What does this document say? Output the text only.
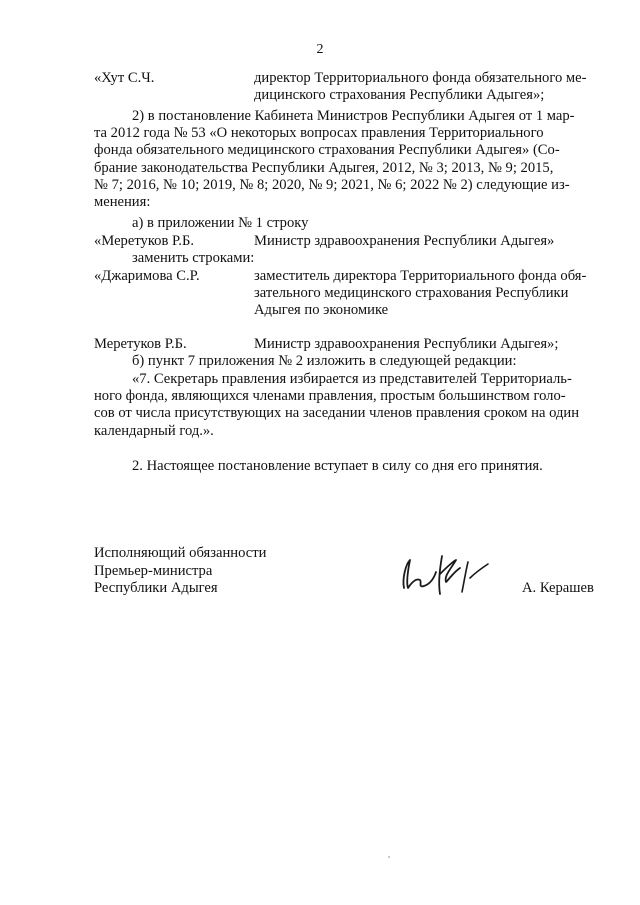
2
«Хут С.Ч.	директор Территориального фонда обязательного ме-
дицинского страхования Республики Адыгея»;
2) в постановление Кабинета Министров Республики Адыгея от 1 мар-
та 2012 года № 53 «О некоторых вопросах правления Территориального
фонда обязательного медицинского страхования Республики Адыгея» (Со-
брание законодательства Республики Адыгея, 2012, № 3; 2013, № 9; 2015,
№ 7; 2016, № 10; 2019, № 8; 2020, № 9; 2021, № 6; 2022 № 2) следующие из-
менения:
а) в приложении № 1 строку
«Меретуков Р.Б.	Министр здравоохранения Республики Адыгея»
заменить строками:
«Джаримова С.Р.	заместитель директора Территориального фонда обя-
зательного медицинского страхования Республики
Адыгея по экономике
Меретуков Р.Б.	Министр здравоохранения Республики Адыгея»;
б) пункт 7 приложения № 2 изложить в следующей редакции:
«7. Секретарь правления избирается из представителей Территориаль-
ного фонда, являющихся членами правления, простым большинством голо-
сов от числа присутствующих на заседании членов правления сроком на один
календарный год.».
2. Настоящее постановление вступает в силу со дня его принятия.
Исполняющий обязанности
Премьер-министра
Республики Адыгея	А. Керашев
